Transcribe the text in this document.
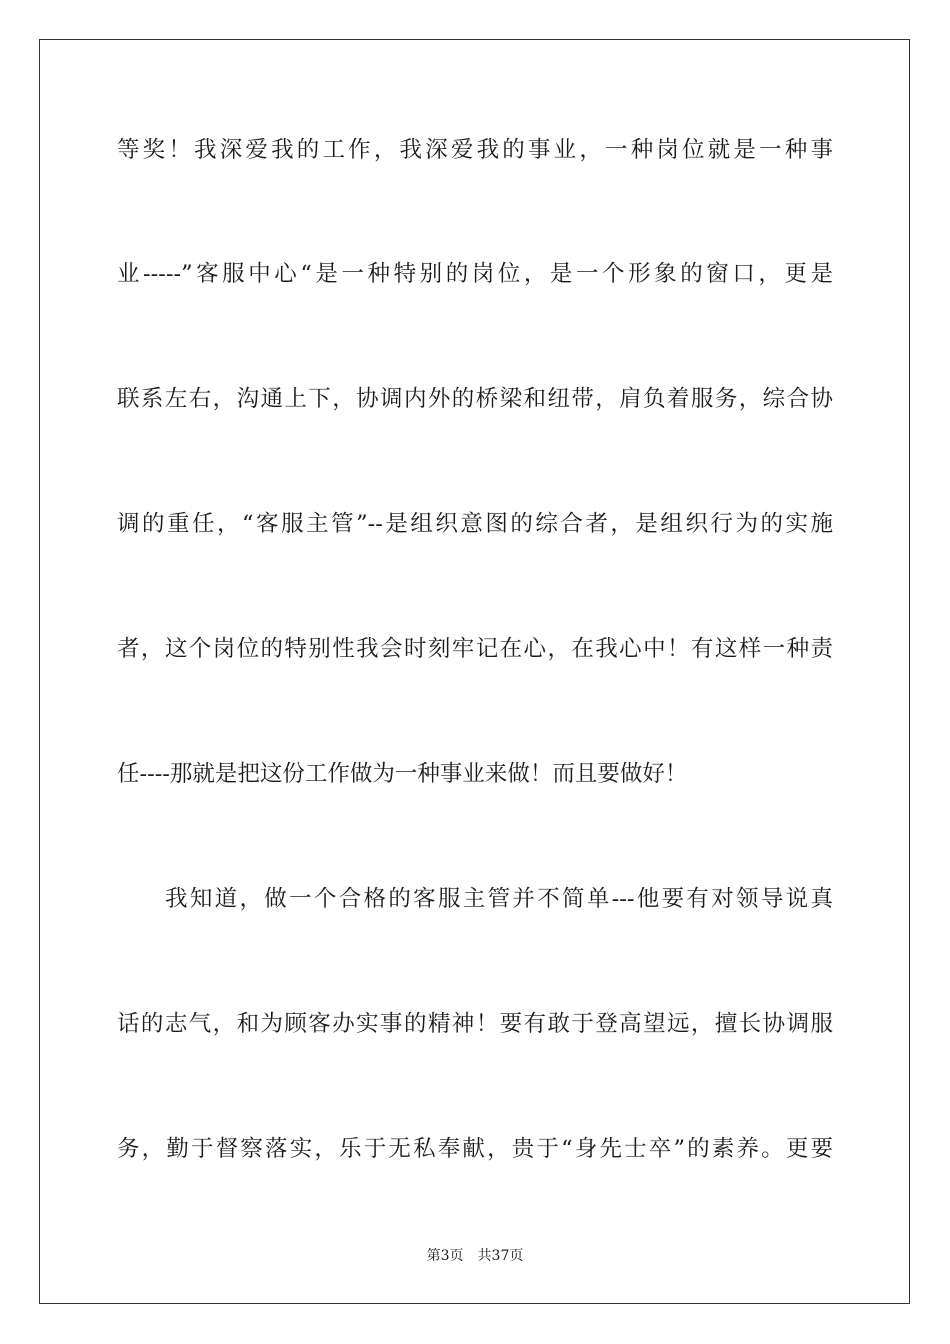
等奖！我深爱我的工作，我深爱我的事业，一种岗位就是一种事
业-----”客服中心“是一种特别的岗位，是一个形象的窗口，更是
联系左右，沟通上下，协调内外的桥梁和纽带，肩负着服务，综合协
调的重任，“客服主管”--是组织意图的综合者，是组织行为的实施
者，这个岗位的特别性我会时刻牢记在心，在我心中！有这样一种责
任----那就是把这份工作做为一种事业来做！而且要做好！
我知道，做一个合格的客服主管并不简单---他要有对领导说真
话的志气，和为顾客办实事的精神！要有敢于登高望远，擅长协调服
务，勤于督察落实，乐于无私奉献，贵于“身先士卒”的素养。更要
第3页 共37页
